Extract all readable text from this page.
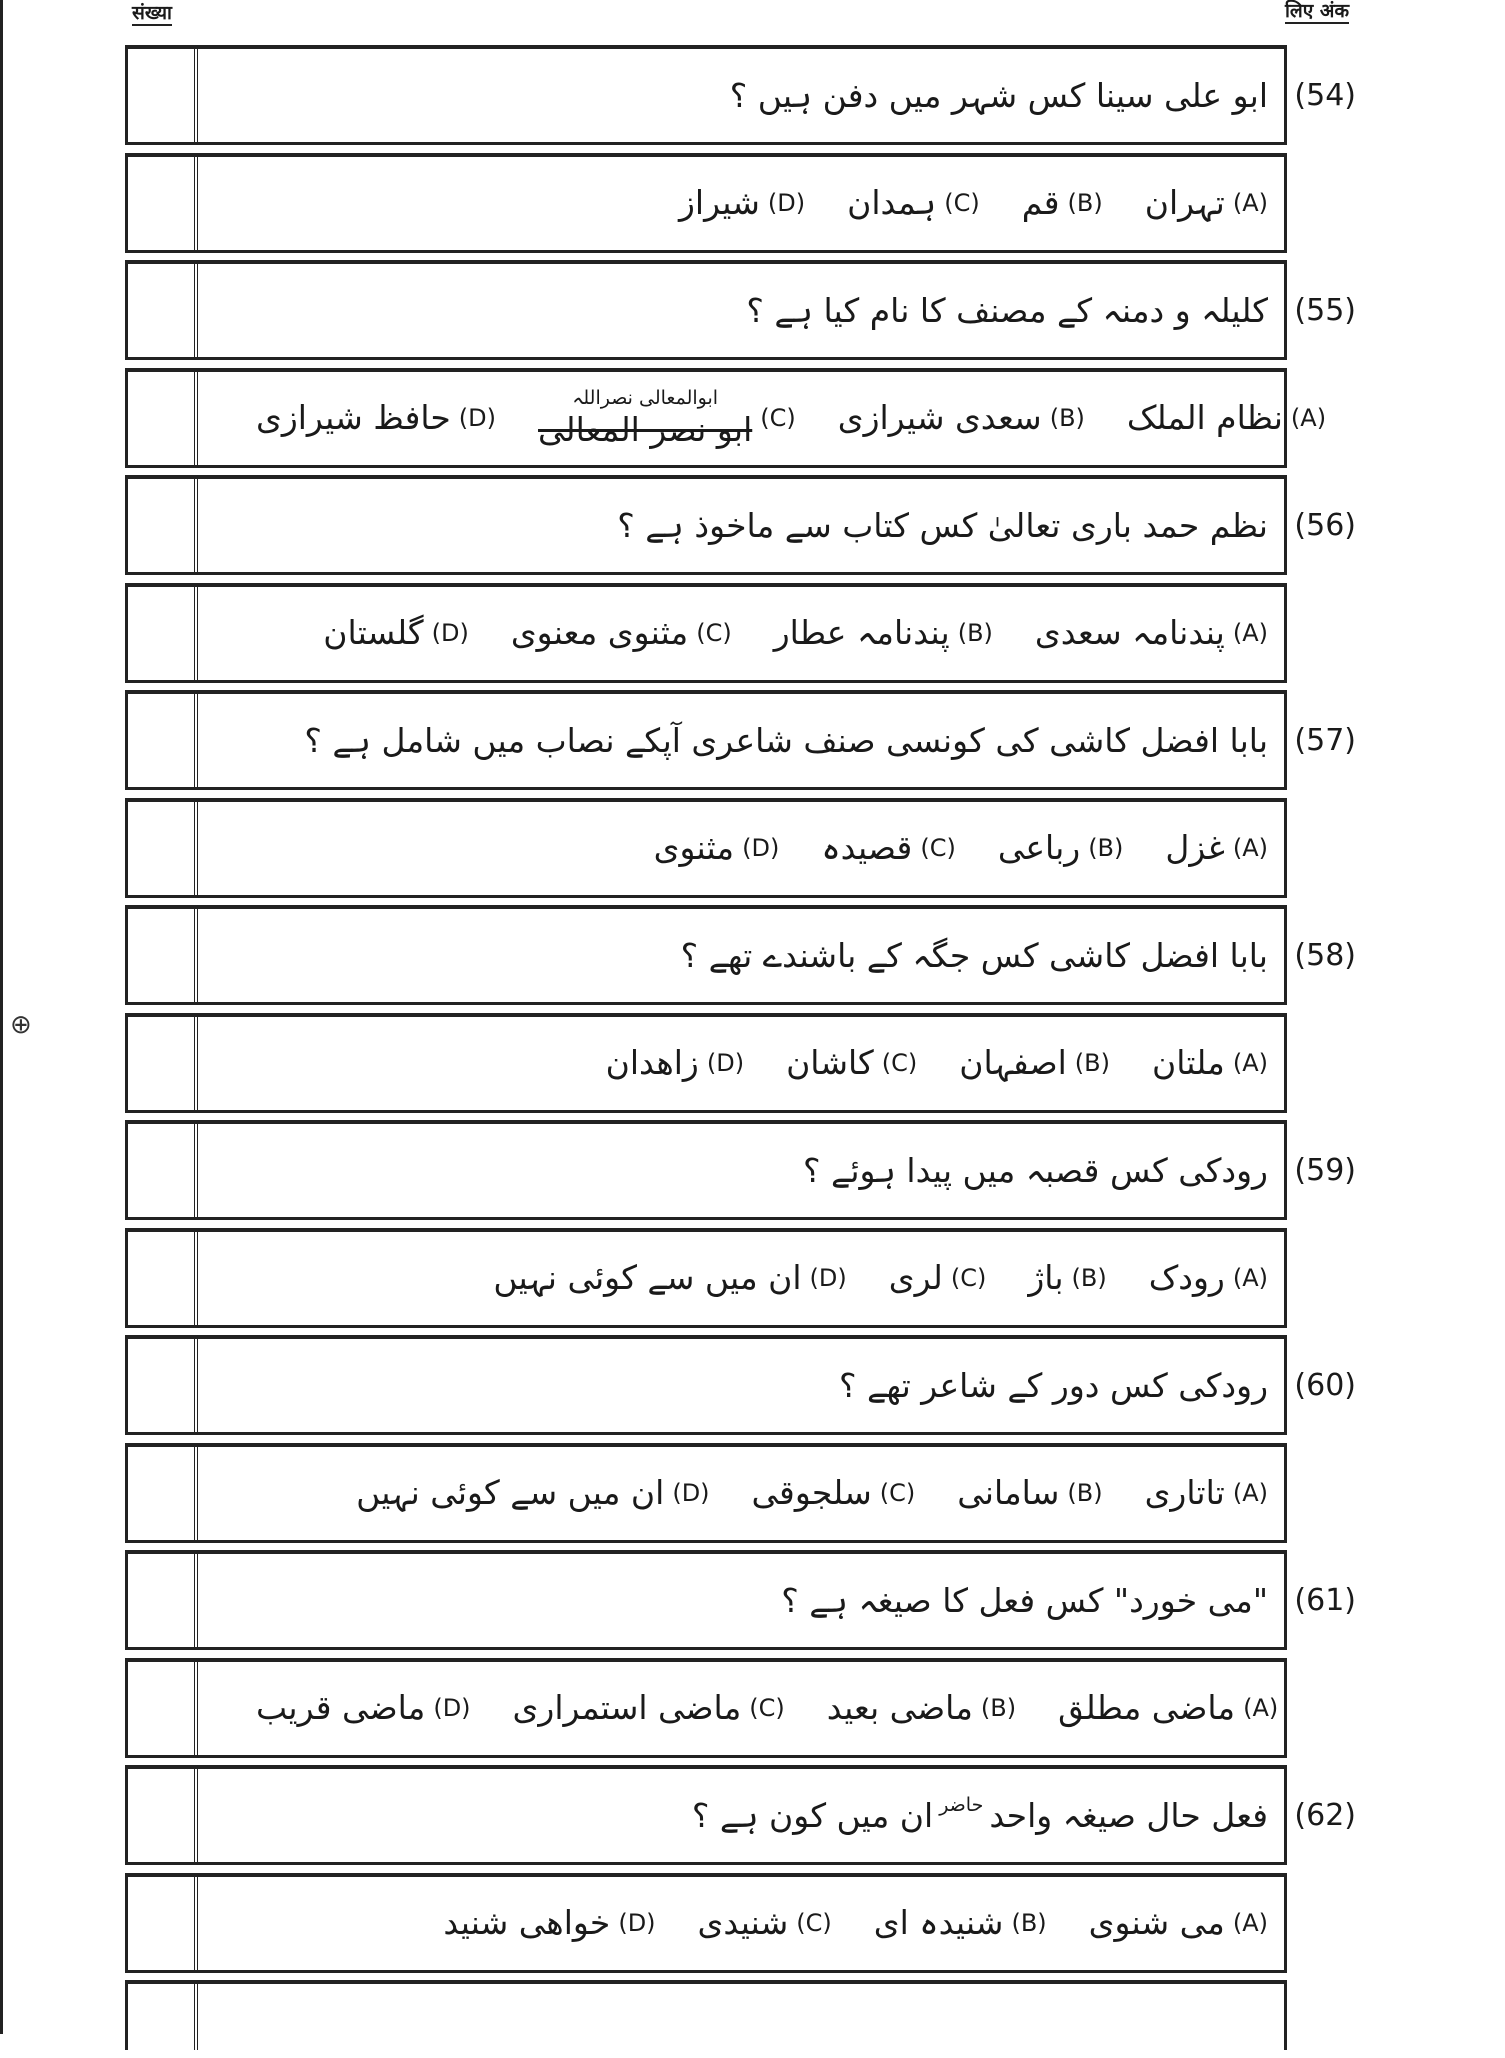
संख्या	लिए अंक
⊕
(54)
ابو علی سینا کس شہر میں دفن ہیں ؟
(A)
تہران
(B)
قم
(C)
ہمدان
(D)
شیراز
(55)
کلیلہ و دمنہ کے مصنف کا نام کیا ہے ؟
(A)
نظام الملک
(B)
سعدی شیرازی
(C)
ابوالمعالی نصراللہ
ابو نصر المعالی
(D)
حافظ شیرازی
(56)
نظم حمد باری تعالیٰ کس کتاب سے ماخوذ ہے ؟
(A)
پندنامہ سعدی
(B)
پندنامہ عطار
(C)
مثنوی معنوی
(D)
گلستان
(57)
بابا افضل کاشی کی کونسی صنف شاعری آپکے نصاب میں شامل ہے ؟
(A)
غزل
(B)
رباعی
(C)
قصیدہ
(D)
مثنوی
(58)
بابا افضل کاشی کس جگہ کے باشندے تھے ؟
(A)
ملتان
(B)
اصفہان
(C)
کاشان
(D)
زاھدان
(59)
رودکی کس قصبہ میں پیدا ہوئے ؟
(A)
رودک
(B)
باژ
(C)
لری
(D)
ان میں سے کوئی نہیں
(60)
رودکی کس دور کے شاعر تھے ؟
(A)
تاتاری
(B)
سامانی
(C)
سلجوقی
(D)
ان میں سے کوئی نہیں
(61)
"می خورد" کس فعل کا صیغہ ہے ؟
(A)
ماضی مطلق
(B)
ماضی بعید
(C)
ماضی استمراری
(D)
ماضی قریب
(62)
فعل حال صیغہ واحد
حاضر
ان میں کون ہے ؟
(A)
می شنوی
(B)
شنیدہ ای
(C)
شنیدی
(D)
خواھی شنید
